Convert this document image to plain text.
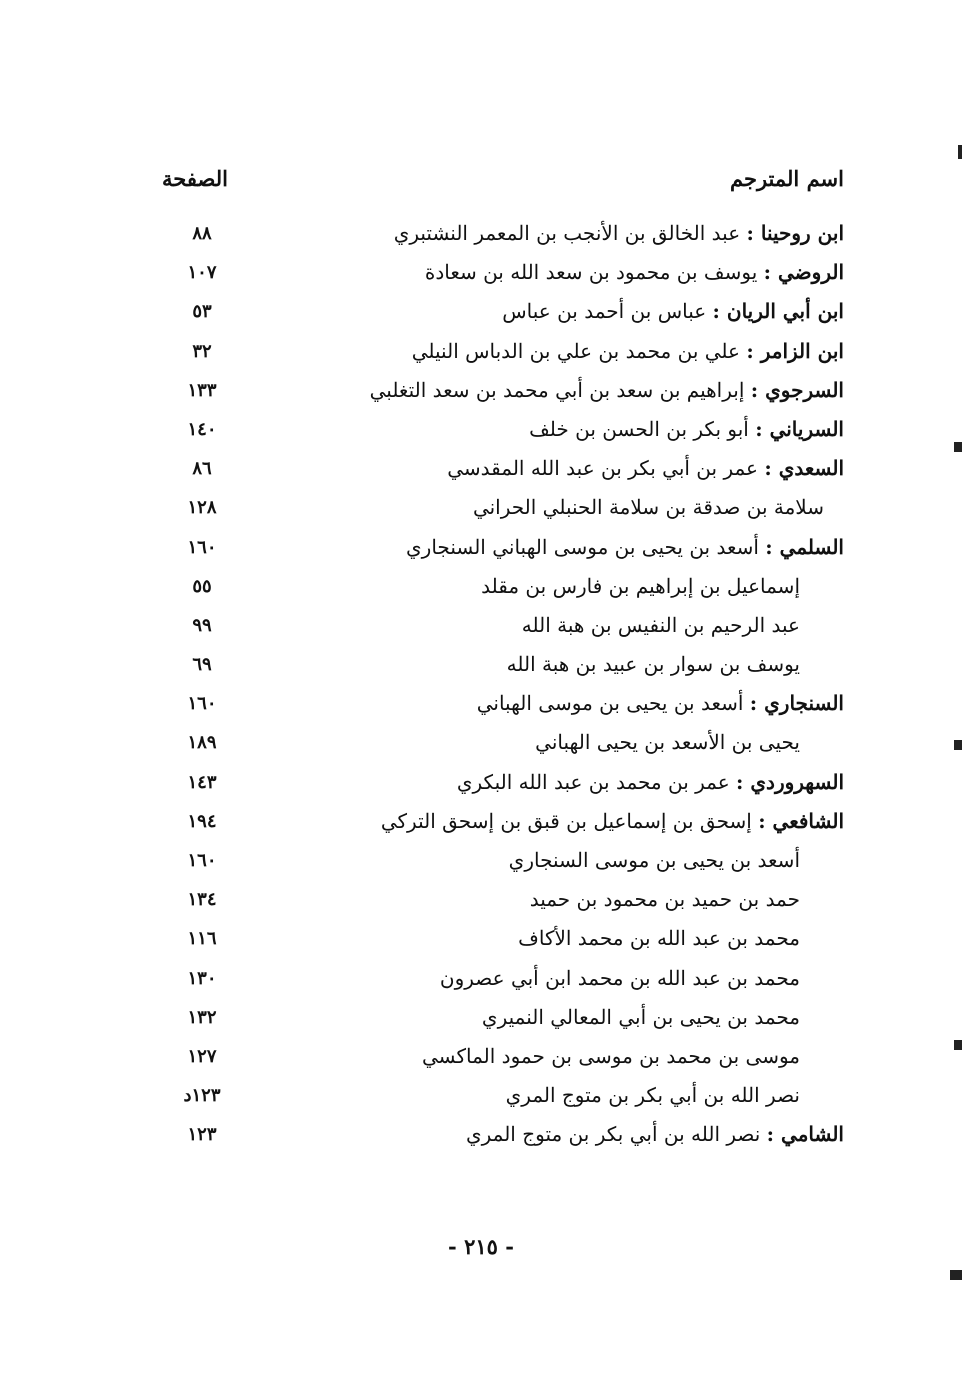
اسم المترجم
الصفحة
ابن روحينا : عبد الخالق بن الأنجب بن المعمر النشتبري
٨٨
الروضي : يوسف بن محمود بن سعد الله بن سعادة
١٠٧
ابن أبي الريان : عباس بن أحمد بن عباس
٥٣
ابن الزامر : علي بن محمد بن علي بن الدباس النيلي
٣٢
السرجوي : إبراهيم بن سعد بن أبي محمد بن سعد التغلبي
١٣٣
السرياني : أبو بكر بن الحسن بن خلف
١٤٠
السعدي : عمر بن أبي بكر بن عبد الله المقدسي
٨٦
سلامة بن صدقة بن سلامة الحنبلي الحراني
١٢٨
السلمي : أسعد بن يحيى بن موسى الهباني السنجاري
١٦٠
إسماعيل بن إبراهيم بن فارس بن مقلد
٥٥
عبد الرحيم بن النفيس بن هبة الله
٩٩
يوسف بن سوار بن عبيد بن هبة الله
٦٩
السنجاري : أسعد بن يحيى بن موسى الهباني
١٦٠
يحيى بن الأسعد بن يحيى الهباني
١٨٩
السهروردي : عمر بن محمد بن عبد الله البكري
١٤٣
الشافعي : إسحق بن إسماعيل بن قبق بن إسحق التركي
١٩٤
أسعد بن يحيى بن موسى السنجاري
١٦٠
حمد بن حميد بن محمود بن حميد
١٣٤
محمد بن عبد الله بن محمد الأكاف
١١٦
محمد بن عبد الله بن محمد ابن أبي عصرون
١٣٠
محمد بن يحيى بن أبي المعالي النميري
١٣٢
موسى بن محمد بن موسى بن حمود الماكسي
١٢٧
نصر الله بن أبي بكر بن متوج المري
١٢٣د
الشامي : نصر الله بن أبي بكر بن متوج المري
١٢٣
- ٢١٥ -
